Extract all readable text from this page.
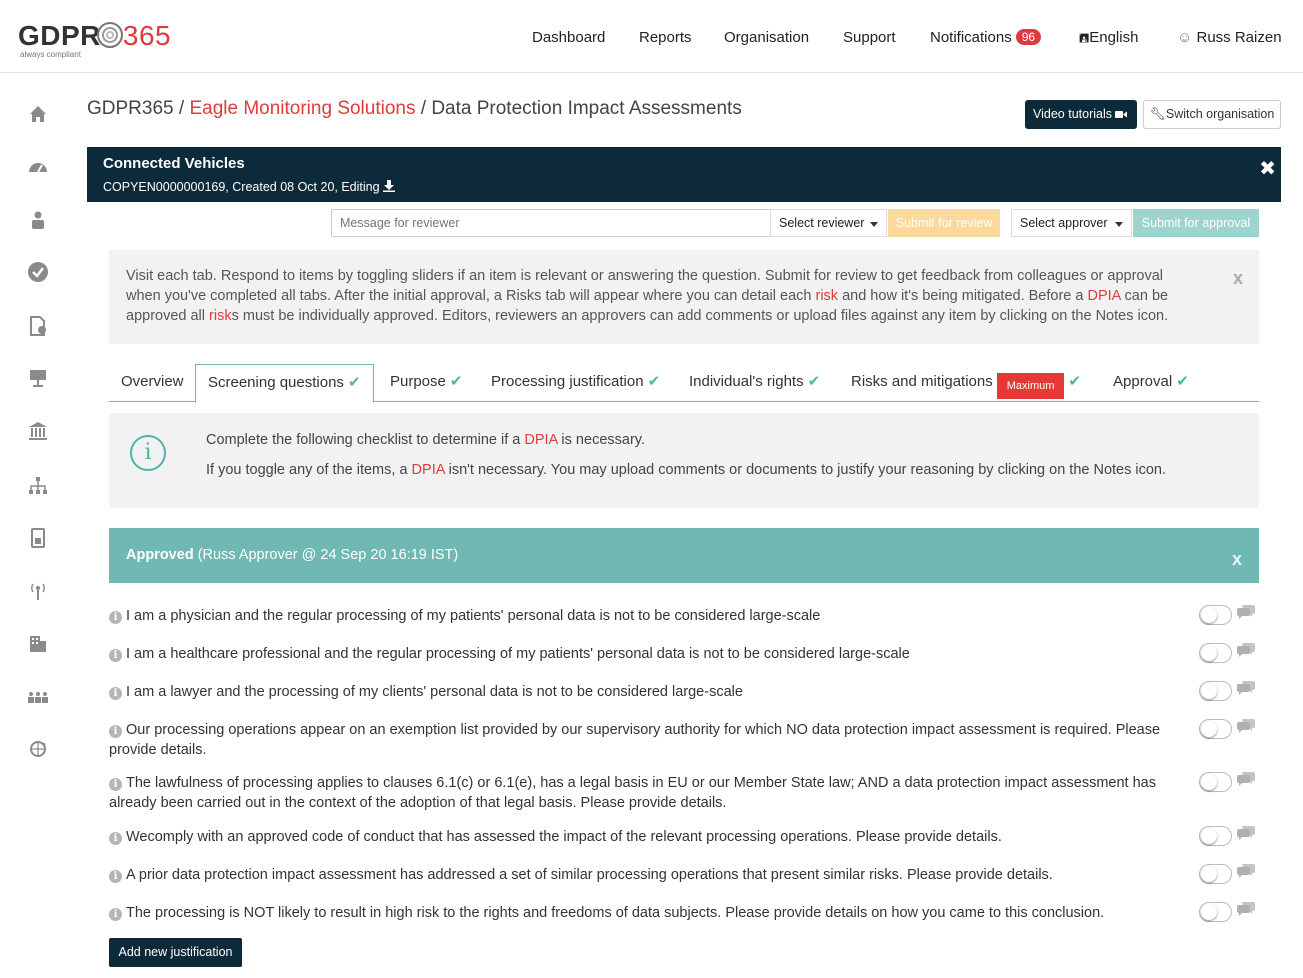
GDPR 365
always compliant
Dashboard Reports Organisation Support Notifications 96	🖪English	☺ Russ Raizen
GDPR365 / Eagle Monitoring Solutions / Data Protection Impact Assessments	Video tutorials	🔧︎Switch organisation
Connected Vehicles
COPYEN0000000169, Created 08 Oct 20, Editing
✖
Message for reviewer
Select reviewer	Submit for review	Select approver	Submit for approval
Visit each tab. Respond to items by toggling sliders if an item is relevant or answering the question. Submit for review to get feedback from colleagues or approval when you've completed all tabs. After the initial approval, a Risks tab will appear where you can detail each risk and how it's being mitigated. Before a DPIA can be approved all risks must be individually approved. Editors, reviewers an approvers can add comments or upload files against any item by clicking on the Notes icon.
x
Overview	Screening questions ✔	Purpose ✔	Processing justification ✔	Individual's rights ✔	Risks and mitigations Maximum ✔	Approval ✔
i	Complete the following checklist to determine if a DPIA is necessary.
If you toggle any of the items, a DPIA isn't necessary. You may upload comments or documents to justify your reasoning by clicking on the Notes icon.
Approved (Russ Approver @ 24 Sep 20 16:19 IST)	x
i I am a physician and the regular processing of my patients' personal data is not to be considered large-scale
i I am a healthcare professional and the regular processing of my patients' personal data is not to be considered large-scale
i I am a lawyer and the processing of my clients' personal data is not to be considered large-scale
i Our processing operations appear on an exemption list provided by our supervisory authority for which NO data protection impact assessment is required. Please provide details.
i The lawfulness of processing applies to clauses 6.1(c) or 6.1(e), has a legal basis in EU or our Member State law; AND a data protection impact assessment has already been carried out in the context of the adoption of that legal basis. Please provide details.
i Wecomply with an approved code of conduct that has assessed the impact of the relevant processing operations. Please provide details.
i A prior data protection impact assessment has addressed a set of similar processing operations that present similar risks. Please provide details.
i The processing is NOT likely to result in high risk to the rights and freedoms of data subjects. Please provide details on how you came to this conclusion.
Add new justification
